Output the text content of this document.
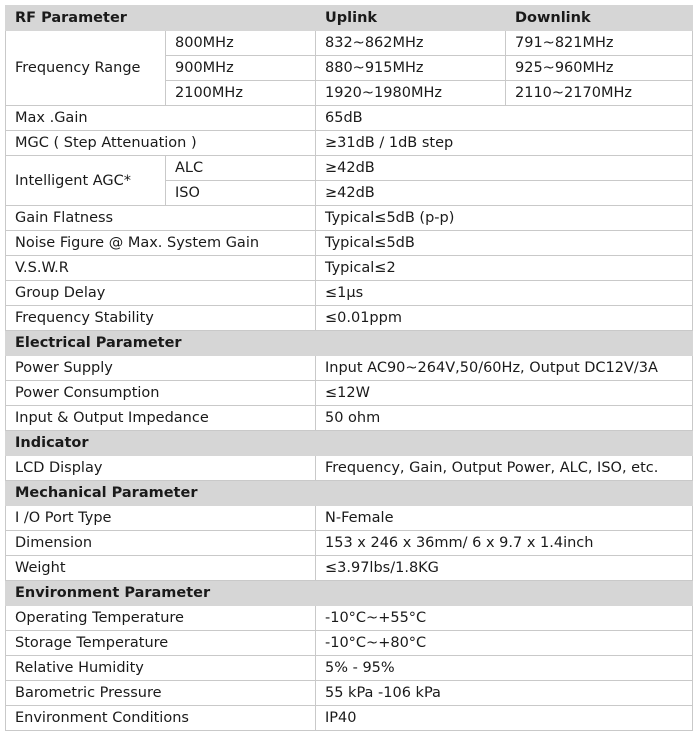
RF Parameter		Uplink	Downlink
Frequency Range	800MHz	832~862MHz	791~821MHz
	900MHz	880~915MHz	925~960MHz
	2100MHz	1920~1980MHz	2110~2170MHz
Max .Gain		65dB	
MGC ( Step Attenuation )		≥31dB / 1dB step	
Intelligent AGC*	ALC	≥42dB	
	ISO	≥42dB	
Gain Flatness		Typical≤5dB (p-p)	
Noise Figure @ Max. System Gain		Typical≤5dB	
V.S.W.R		Typical≤2	
Group Delay		≤1μs	
Frequency Stability		≤0.01ppm	
Electrical Parameter			
Power Supply		Input AC90~264V,50/60Hz, Output DC12V/3A	
Power Consumption		≤12W	
Input & Output Impedance		50 ohm	
Indicator			
LCD Display		Frequency, Gain, Output Power, ALC, ISO, etc.	
Mechanical Parameter			
I /O Port Type		N-Female	
Dimension		153 x 246 x 36mm/ 6 x 9.7 x 1.4inch	
Weight		≤3.97lbs/1.8KG	
Environment Parameter			
Operating Temperature		-10°C~+55°C	
Storage Temperature		-10°C~+80°C	
Relative Humidity		5% - 95%	
Barometric Pressure		55 kPa -106 kPa	
Environment Conditions		IP40	
